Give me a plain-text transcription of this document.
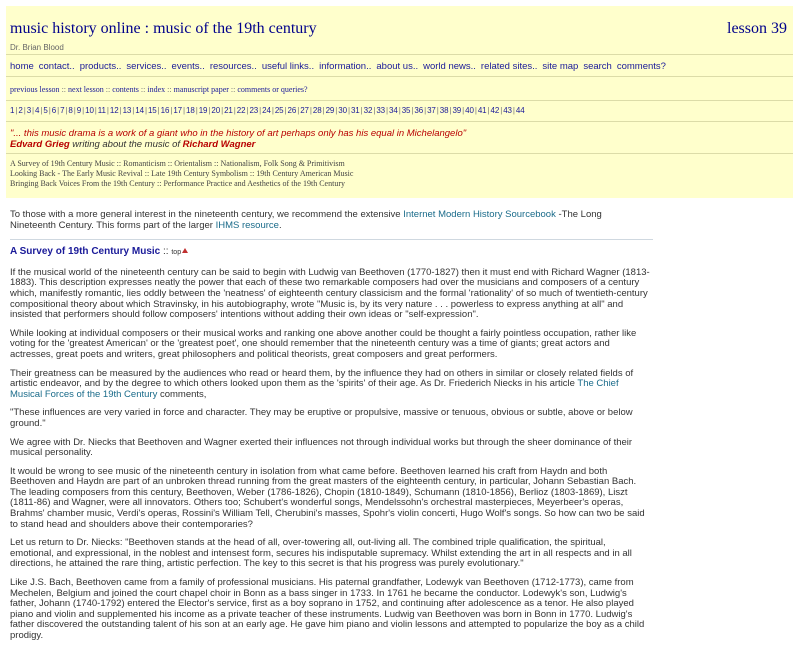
music history online : music of the 19th century	lesson 39
Dr. Brian Blood
home contact.. products.. services.. events.. resources.. useful links.. information.. about us.. world news.. related sites.. site map search comments?
previous lesson :: next lesson :: contents :: index :: manuscript paper :: comments or queries?
1|2|3|4|5|6|7|8|9|10|11|12|13|14|15|16|17|18|19|20|21|22|23|24|25|26|27|28|29|30|31|32|33|34|35|36|37|38|39|40|41|42|43|44
"... this music drama is a work of a giant who in the history of art perhaps only has his equal in Michelangelo"
Edvard Grieg writing about the music of Richard Wagner
A Survey of 19th Century Music :: Romanticism :: Orientalism :: Nationalism, Folk Song & Primitivism
Looking Back - The Early Music Revival :: Late 19th Century Symbolism :: 19th Century American Music
Bringing Back Voices From the 19th Century :: Performance Practice and Aesthetics of the 19th Century

To those with a more general interest in the nineteenth century, we recommend the extensive Internet Modern History Sourcebook -The Long Nineteenth Century. This forms part of the larger IHMS resource.

A Survey of 19th Century Music :: top

If the musical world of the nineteenth century can be said to begin with Ludwig van Beethoven (1770-1827) then it must end with Richard Wagner (1813-1883). This description expresses neatly the power that each of these two remarkable composers had over the musicians and composers of a century which, manifestly romantic, lies oddly between the 'neatness' of eighteenth century classicism and the formal 'rationality' of so much of twentieth-century compositional theory about which Stravinsky, in his autobiography, wrote "Music is, by its very nature . . . powerless to express anything at all" and insisted that performers should follow composers' intentions without adding their own ideas or "self-expression".

While looking at individual composers or their musical works and ranking one above another could be thought a fairly pointless occupation, rather like voting for the 'greatest American' or the 'greatest poet', one should remember that the nineteenth century was a time of giants; great actors and actresses, great poets and writers, great philosophers and political theorists, great composers and great performers.

Their greatness can be measured by the audiences who read or heard them, by the influence they had on others in similar or closely related fields of artistic endeavor, and by the degree to which others looked upon them as the 'spirits' of their age. As Dr. Friederich Niecks in his article The Chief Musical Forces of the 19th Century comments,

"These influences are very varied in force and character. They may be eruptive or propulsive, massive or tenuous, obvious or subtle, above or below ground."

We agree with Dr. Niecks that Beethoven and Wagner exerted their influences not through individual works but through the sheer dominance of their musical personality.

It would be wrong to see music of the nineteenth century in isolation from what came before. Beethoven learned his craft from Haydn and both Beethoven and Haydn are part of an unbroken thread running from the great masters of the eighteenth century, in particular, Johann Sebastian Bach. The leading composers from this century, Beethoven, Weber (1786-1826), Chopin (1810-1849), Schumann (1810-1856), Berlioz (1803-1869), Liszt (1811-86) and Wagner, were all innovators. Others too; Schubert's wonderful songs, Mendelssohn's orchestral masterpieces, Meyerbeer's operas, Brahms' chamber music, Verdi's operas, Rossini's William Tell, Cherubini's masses, Spohr's violin concerti, Hugo Wolf's songs. So how can two be said to stand head and shoulders above their contemporaries?

Let us return to Dr. Niecks: "Beethoven stands at the head of all, over-towering all, out-living all. The combined triple qualification, the spiritual, emotional, and expressional, in the noblest and intensest form, secures his indisputable supremacy. Whilst extending the art in all respects and in all directions, he attained the rare thing, artistic perfection. The key to this secret is that his progress was purely evolutionary."

Like J.S. Bach, Beethoven came from a family of professional musicians. His paternal grandfather, Lodewyk van Beethoven (1712-1773), came from Mechelen, Belgium and joined the court chapel choir in Bonn as a bass singer in 1733. In 1761 he became the conductor. Lodewyk's son, Ludwig's father, Johann (1740-1792) entered the Elector's service, first as a boy soprano in 1752, and continuing after adolescence as a tenor. He also played piano and violin and supplemented his income as a private teacher of these instruments. Ludwig van Beethoven was born in Bonn in 1770. Ludwig's father discovered the outstanding talent of his son at an early age. He gave him piano and violin lessons and attempted to popularize the boy as a child prodigy.
